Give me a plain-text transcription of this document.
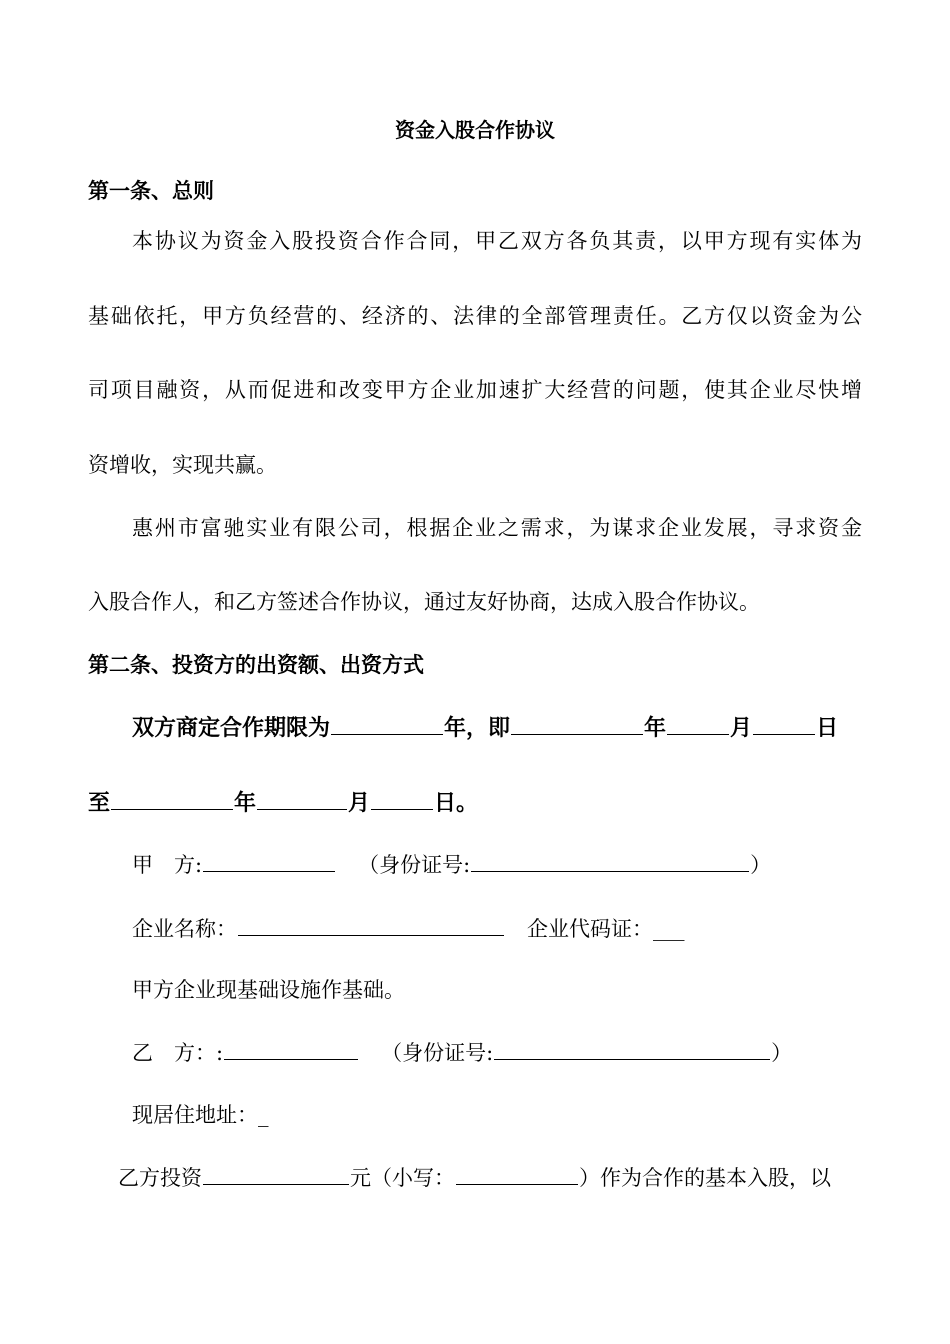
资金入股合作协议
第一条、总则
本协议为资金入股投资合作合同，甲乙双方各负其责，以甲方现有实体为
基础依托，甲方负经营的、经济的、法律的全部管理责任。乙方仅以资金为公
司项目融资，从而促进和改变甲方企业加速扩大经营的问题，使其企业尽快增
资增收，实现共赢。
惠州市富驰实业有限公司，根据企业之需求，为谋求企业发展，寻求资金
入股合作人，和乙方签述合作协议，通过友好协商，达成入股合作协议。
第二条、投资方的出资额、出资方式
双方商定合作期限为	年，即	年	月	日
至	年	月	日。
甲　方:	（身份证号:	）
企业名称：	企业代码证：___
甲方企业现基础设施作基础。
乙　方：:	（身份证号:	）
现居住地址：_
乙方投资	元（小写：	）作为合作的基本入股，以
